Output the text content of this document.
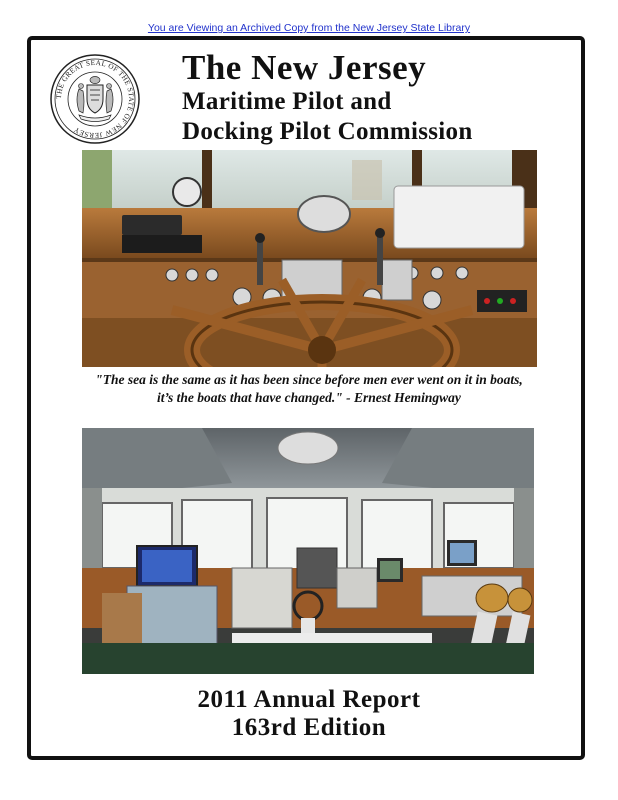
You are Viewing an Archived Copy from the New Jersey State Library
THE GREAT SEAL OF THE STATE OF NEW JERSEY
The New Jersey
Maritime Pilot and
Docking Pilot Commission
"The sea is the same as it has been since before men ever went on it in boats,
it’s the boats that have changed." - Ernest Hemingway
2011 Annual Report
163rd Edition
